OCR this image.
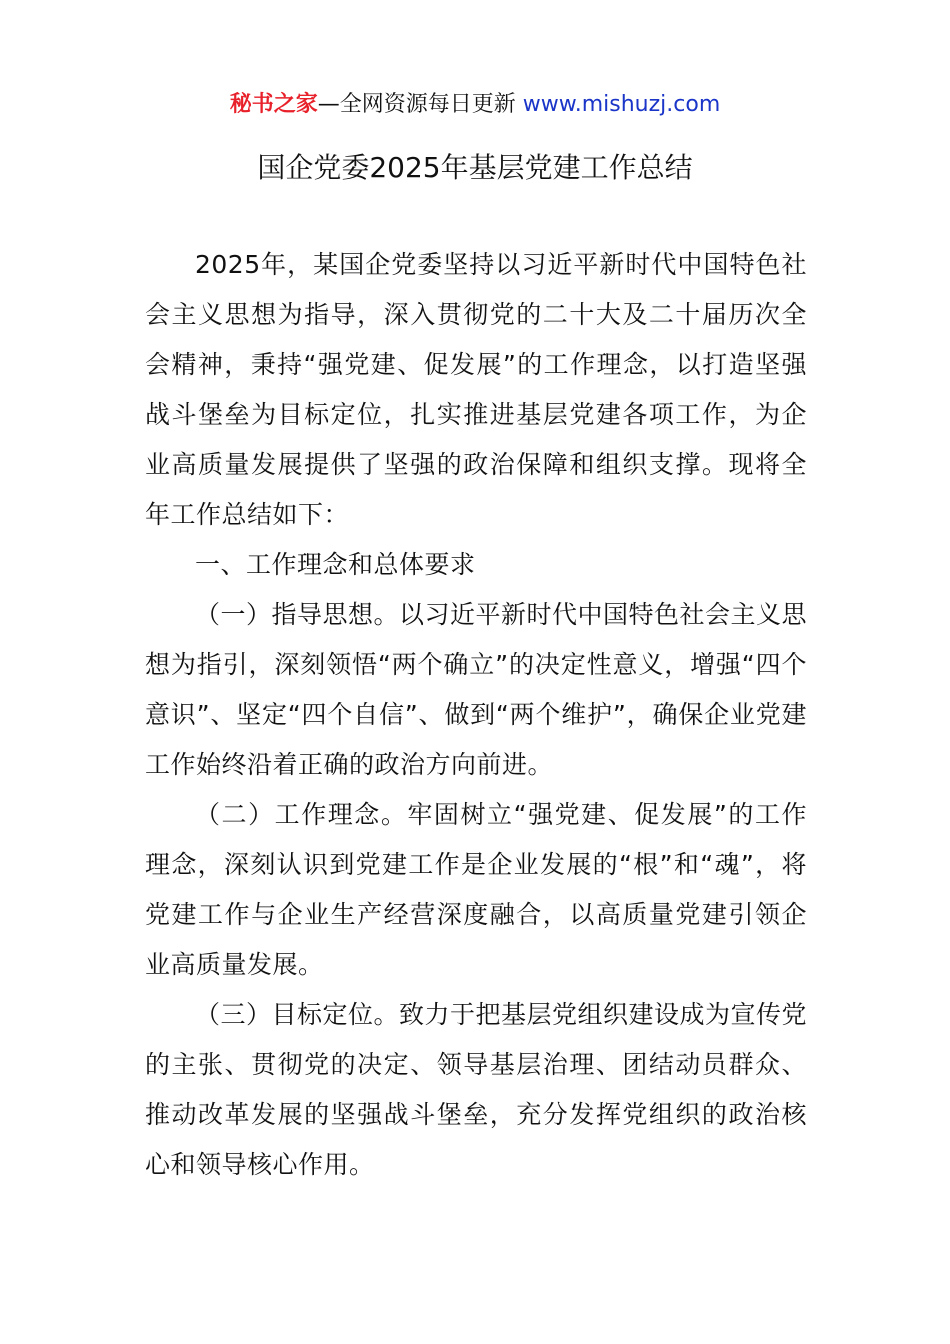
秘书之家—全网资源每日更新 www.mishuzj.com
国企党委2025年基层党建工作总结

2025年，某国企党委坚持以习近平新时代中国特色社会主义思想为指导，深入贯彻党的二十大及二十届历次全会精神，秉持“强党建、促发展”的工作理念，以打造坚强战斗堡垒为目标定位，扎实推进基层党建各项工作，为企业高质量发展提供了坚强的政治保障和组织支撑。现将全年工作总结如下：

一、工作理念和总体要求

（一）指导思想。以习近平新时代中国特色社会主义思想为指引，深刻领悟“两个确立”的决定性意义，增强“四个意识”、坚定“四个自信”、做到“两个维护”，确保企业党建工作始终沿着正确的政治方向前进。

（二）工作理念。牢固树立“强党建、促发展”的工作理念，深刻认识到党建工作是企业发展的“根”和“魂”，将党建工作与企业生产经营深度融合，以高质量党建引领企业高质量发展。

（三）目标定位。致力于把基层党组织建设成为宣传党的主张、贯彻党的决定、领导基层治理、团结动员群众、推动改革发展的坚强战斗堡垒，充分发挥党组织的政治核心和领导核心作用。
